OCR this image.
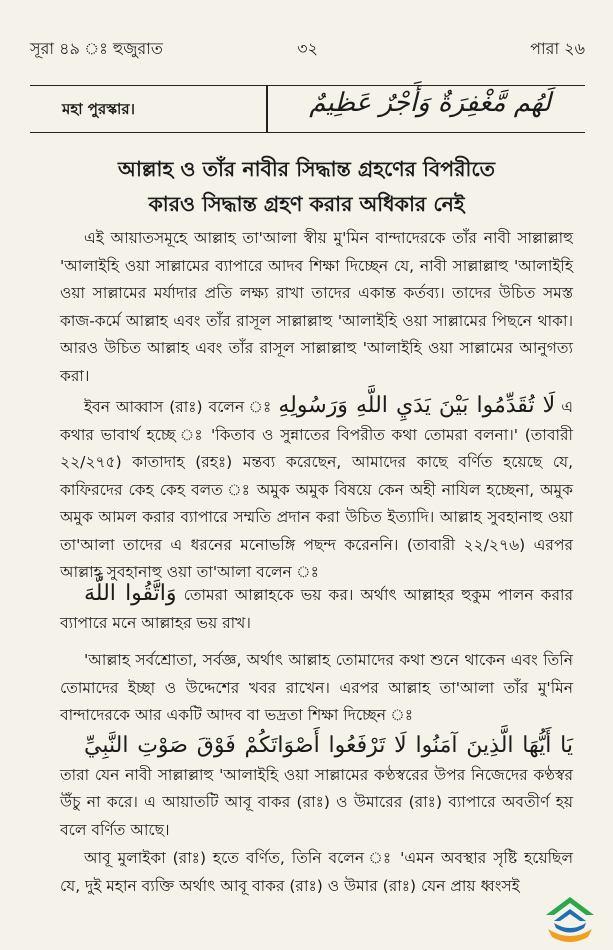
সূরা ৪৯ ঃ হুজুরাত	৩২	পারা ২৬
মহা পুরস্কার।	لَهُم مَّغْفِرَةٌ وَأَجْرٌ عَظِيمٌ
আল্লাহ ও তাঁর নাবীর সিদ্ধান্ত গ্রহণের বিপরীতে
কারও সিদ্ধান্ত গ্রহণ করার অধিকার নেই

এই আয়াতসমূহে আল্লাহ তা'আলা স্বীয় মু'মিন বান্দাদেরকে তাঁর নাবী সাল্লাল্লাহু 'আলাইহি ওয়া সাল্লামের ব্যাপারে আদব শিক্ষা দিচ্ছেন যে, নাবী সাল্লাল্লাহু 'আলাইহি ওয়া সাল্লামের মর্যাদার প্রতি লক্ষ্য রাখা তাদের একান্ত কর্তব্য। তাদের উচিত সমস্ত কাজ-কর্মে আল্লাহ এবং তাঁর রাসূল সাল্লাল্লাহু 'আলাইহি ওয়া সাল্লামের পিছনে থাকা। আরও উচিত আল্লাহ এবং তাঁর রাসূল সাল্লাল্লাহু 'আলাইহি ওয়া সাল্লামের আনুগত্য করা।

ইবন আব্বাস (রাঃ) বলেন ঃ لَا تُقَدِّمُوا بَيْنَ يَدَيِ اللَّهِ وَرَسُولِهِ এ কথার ভাবার্থ হচ্ছে ঃ 'কিতাব ও সুন্নাতের বিপরীত কথা তোমরা বলনা।' (তাবারী ২২/২৭৫) কাতাদাহ (রহঃ) মন্তব্য করেছেন, আমাদের কাছে বর্ণিত হয়েছে যে, কাফিরদের কেহ কেহ বলত ঃ অমুক অমুক বিষয়ে কেন অহী নাযিল হচ্ছেনা, অমুক অমুক আমল করার ব্যাপারে সম্মতি প্রদান করা উচিত ইত্যাদি। আল্লাহ সুবহানাহু ওয়া তা'আলা তাদের এ ধরনের মনোভঙ্গি পছন্দ করেননি। (তাবারী ২২/২৭৬) এরপর আল্লাহ সুবহানাহু ওয়া তা'আলা বলেন ঃ

وَاتَّقُوا اللَّهَ তোমরা আল্লাহকে ভয় কর। অর্থাৎ আল্লাহর হুকুম পালন করার ব্যাপারে মনে আল্লাহর ভয় রাখ।

'আল্লাহ সর্বশ্রোতা, সর্বজ্ঞ, অর্থাৎ আল্লাহ তোমাদের কথা শুনে থাকেন এবং তিনি তোমাদের ইচ্ছা ও উদ্দেশের খবর রাখেন। এরপর আল্লাহ তা'আলা তাঁর মু'মিন বান্দাদেরকে আর একটি আদব বা ভদ্রতা শিক্ষা দিচ্ছেন ঃ

يَا أَيُّهَا الَّذِينَ آمَنُوا لَا تَرْفَعُوا أَصْوَاتَكُمْ فَوْقَ صَوْتِ النَّبِيِّ তারা যেন নাবী সাল্লাল্লাহু 'আলাইহি ওয়া সাল্লামের কণ্ঠস্বরের উপর নিজেদের কণ্ঠস্বর উঁচু না করে। এ আয়াতটি আবূ বাকর (রাঃ) ও উমারের (রাঃ) ব্যাপারে অবতীর্ণ হয় বলে বর্ণিত আছে।

আবূ মুলাইকা (রাঃ) হতে বর্ণিত, তিনি বলেন ঃ 'এমন অবস্থার সৃষ্টি হয়েছিল যে, দুই মহান ব্যক্তি অর্থাৎ আবূ বাকর (রাঃ) ও উমার (রাঃ) যেন প্রায় ধ্বংসই
